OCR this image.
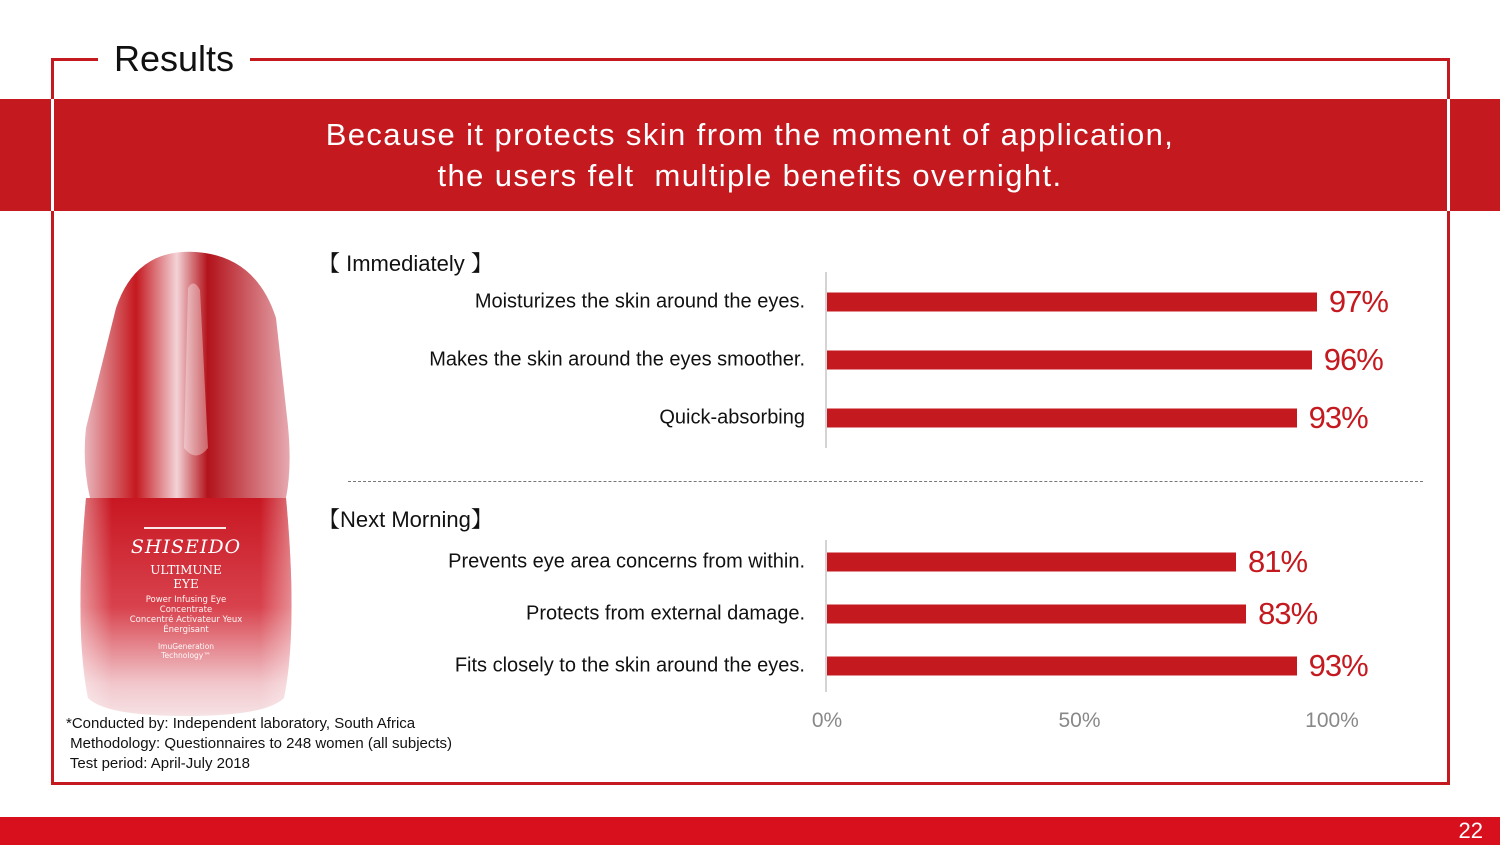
Results
Because it protects skin from the moment of application,
the users felt  multiple benefits overnight.
SHISEIDO
ULTIMUNE
EYE
Power Infusing Eye
Concentrate
Concentré Activateur Yeux
Énergisant
ImuGeneration
Technology™
【 Immediately 】
【Next Morning】
Moisturizes the skin around the eyes.	97%
Makes the skin around the eyes smoother.	96%
Quick-absorbing	93%
Prevents eye area concerns from within.	81%
Protects from external damage.	83%
Fits closely to the skin around the eyes.	93%
0%	50%	100%
*Conducted by: Independent laboratory, South Africa
Methodology: Questionnaires to 248 women (all subjects)
Test period: April-July 2018
22
